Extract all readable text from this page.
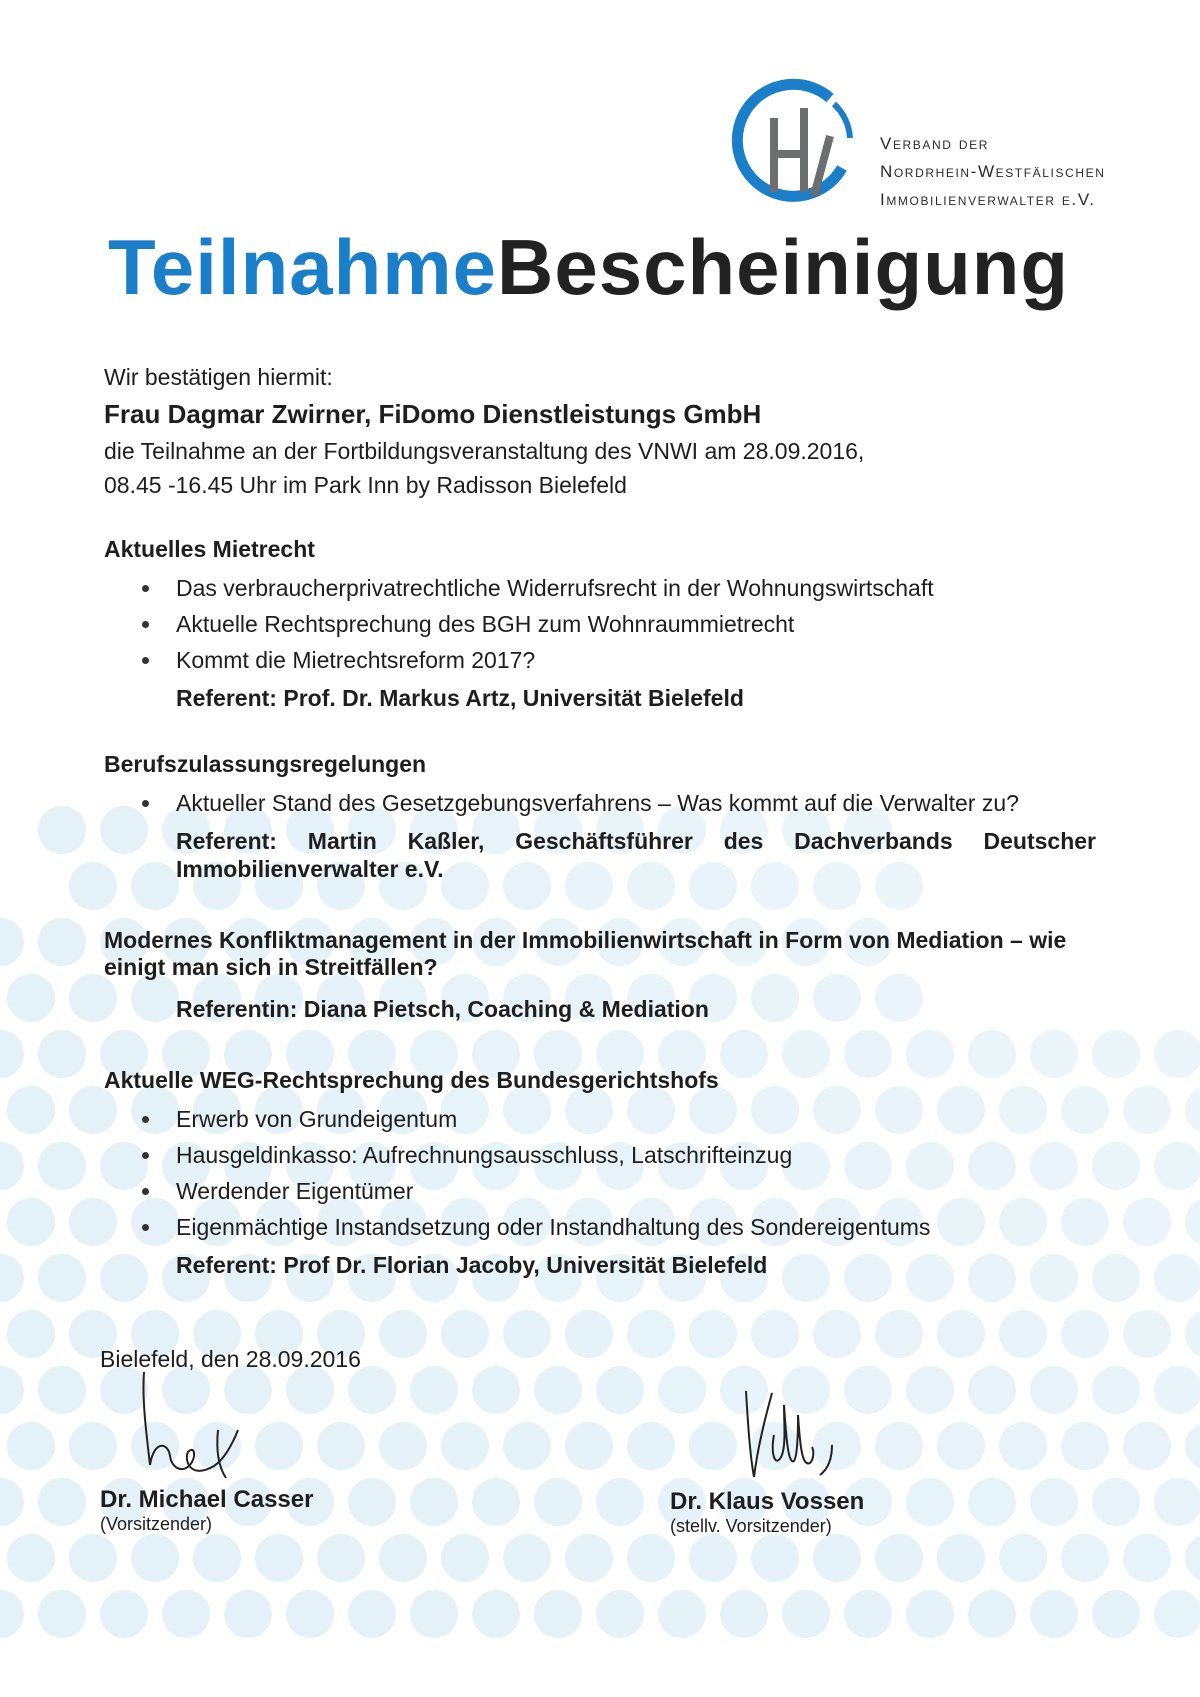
Verband der
Nordrhein-Westfälischen
Immobilienverwalter e.V.
TeilnahmeBescheinigung
Wir bestätigen hiermit:
Frau Dagmar Zwirner, FiDomo Dienstleistungs GmbH
die Teilnahme an der Fortbildungsveranstaltung des VNWI am 28.09.2016,
08.45 -16.45 Uhr im Park Inn by Radisson Bielefeld
Aktuelles Mietrecht
Das verbraucherprivatrechtliche Widerrufsrecht in der Wohnungswirtschaft
Aktuelle Rechtsprechung des BGH zum Wohnraummietrecht
Kommt die Mietrechtsreform 2017?
Referent: Prof. Dr. Markus Artz, Universität Bielefeld
Berufszulassungsregelungen
Aktueller Stand des Gesetzgebungsverfahrens – Was kommt auf die Verwalter zu?
Referent: Martin Kaßler, Geschäftsführer des Dachverbands Deutscher Immobilienverwalter e.V.
Modernes Konfliktmanagement in der Immobilienwirtschaft in Form von Mediation – wie einigt man sich in Streitfällen?
Referentin: Diana Pietsch, Coaching & Mediation
Aktuelle WEG-Rechtsprechung des Bundesgerichtshofs
Erwerb von Grundeigentum
Hausgeldinkasso: Aufrechnungsausschluss, Latschrifteinzug
Werdender Eigentümer
Eigenmächtige Instandsetzung oder Instandhaltung des Sondereigentums
Referent: Prof Dr. Florian Jacoby, Universität Bielefeld
Bielefeld, den 28.09.2016
Dr. Michael Casser
(Vorsitzender)
Dr. Klaus Vossen
(stellv. Vorsitzender)
